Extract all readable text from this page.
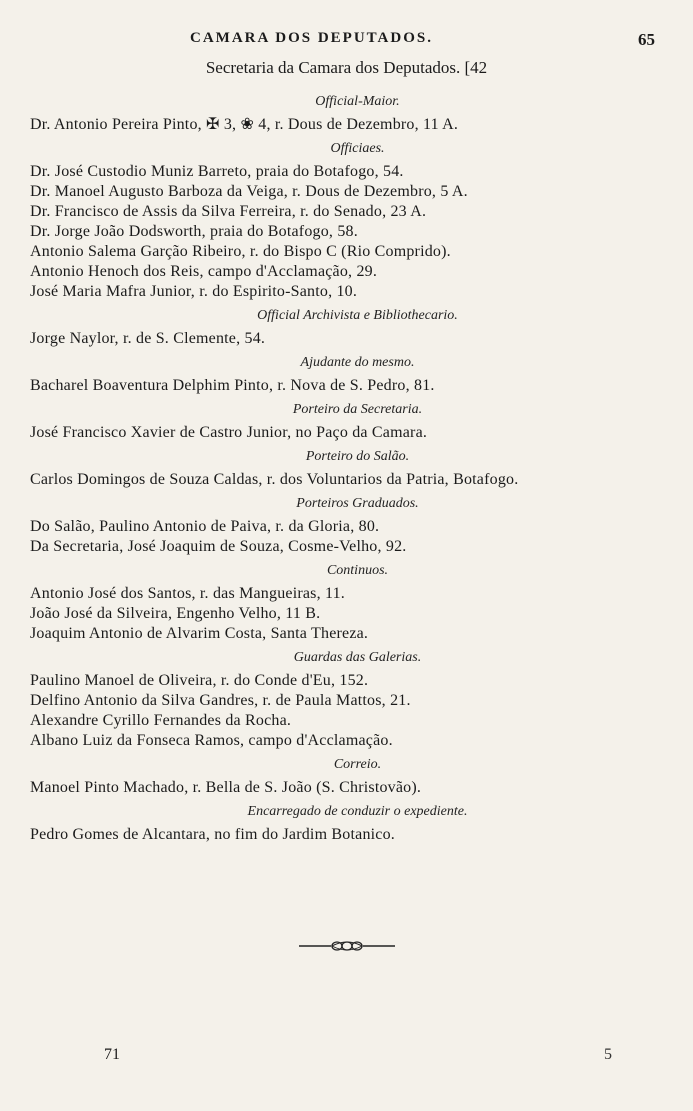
CAMARA DOS DEPUTADOS.	65
Secretaria da Camara dos Deputados. [42
Official-Maior.
Dr. Antonio Pereira Pinto, ✠ 3, ❀ 4, r. Dous de Dezembro, 11 A.
Officiaes.
Dr. José Custodio Muniz Barreto, praia do Botafogo, 54.
Dr. Manoel Augusto Barboza da Veiga, r. Dous de Dezembro, 5 A.
Dr. Francisco de Assis da Silva Ferreira, r. do Senado, 23 A.
Dr. Jorge João Dodsworth, praia do Botafogo, 58.
Antonio Salema Garção Ribeiro, r. do Bispo C (Rio Comprido).
Antonio Henoch dos Reis, campo d'Acclamação, 29.
José Maria Mafra Junior, r. do Espirito-Santo, 10.
Official Archivista e Bibliothecario.
Jorge Naylor, r. de S. Clemente, 54.
Ajudante do mesmo.
Bacharel Boaventura Delphim Pinto, r. Nova de S. Pedro, 81.
Porteiro da Secretaria.
José Francisco Xavier de Castro Junior, no Paço da Camara.
Porteiro do Salão.
Carlos Domingos de Souza Caldas, r. dos Voluntarios da Patria, Botafogo.
Porteiros Graduados.
Do Salão, Paulino Antonio de Paiva, r. da Gloria, 80.
Da Secretaria, José Joaquim de Souza, Cosme-Velho, 92.
Continuos.
Antonio José dos Santos, r. das Mangueiras, 11.
João José da Silveira, Engenho Velho, 11 B.
Joaquim Antonio de Alvarim Costa, Santa Thereza.
Guardas das Galerias.
Paulino Manoel de Oliveira, r. do Conde d'Eu, 152.
Delfino Antonio da Silva Gandres, r. de Paula Mattos, 21.
Alexandre Cyrillo Fernandes da Rocha.
Albano Luiz da Fonseca Ramos, campo d'Acclamação.
Correio.
Manoel Pinto Machado, r. Bella de S. João (S. Christovão).
Encarregado de conduzir o expediente.
Pedro Gomes de Alcantara, no fim do Jardim Botanico.
71	5
